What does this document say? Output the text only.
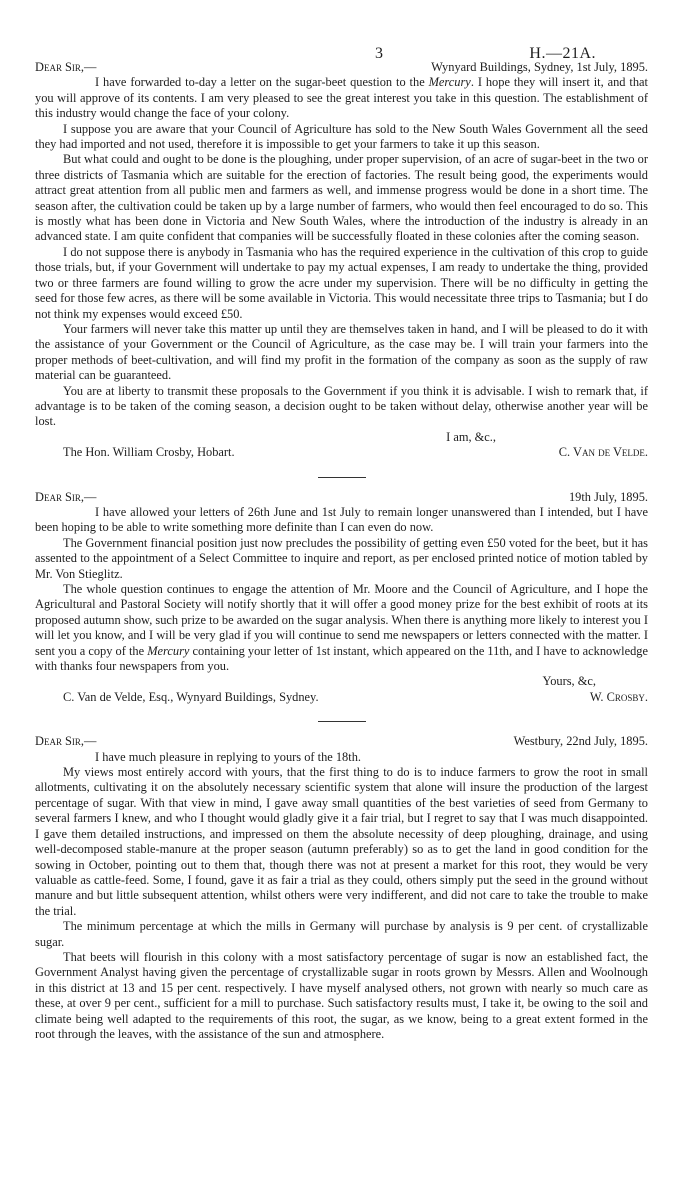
3	H.—21A.
Dear Sir,—	Wynyard Buildings, Sydney, 1st July, 1895.

I have forwarded to-day a letter on the sugar-beet question to the Mercury. I hope they will insert it, and that you will approve of its contents. I am very pleased to see the great interest you take in this question. The establishment of this industry would change the face of your colony.

I suppose you are aware that your Council of Agriculture has sold to the New South Wales Government all the seed they had imported and not used, therefore it is impossible to get your farmers to take it up this season.

But what could and ought to be done is the ploughing, under proper supervision, of an acre of sugar-beet in the two or three districts of Tasmania which are suitable for the erection of factories. The result being good, the experiments would attract great attention from all public men and farmers as well, and immense progress would be done in a short time. The season after, the cultivation could be taken up by a large number of farmers, who would then feel encouraged to do so. This is mostly what has been done in Victoria and New South Wales, where the introduction of the industry is already in an advanced state. I am quite confident that companies will be successfully floated in these colonies after the coming season.

I do not suppose there is anybody in Tasmania who has the required experience in the cultivation of this crop to guide those trials, but, if your Government will undertake to pay my actual expenses, I am ready to undertake the thing, provided two or three farmers are found willing to grow the acre under my supervision. There will be no difficulty in getting the seed for those few acres, as there will be some available in Victoria. This would necessitate three trips to Tasmania; but I do not think my expenses would exceed £50.

Your farmers will never take this matter up until they are themselves taken in hand, and I will be pleased to do it with the assistance of your Government or the Council of Agriculture, as the case may be. I will train your farmers into the proper methods of beet-cultivation, and will find my profit in the formation of the company as soon as the supply of raw material can be guaranteed.

You are at liberty to transmit these proposals to the Government if you think it is advisable. I wish to remark that, if advantage is to be taken of the coming season, a decision ought to be taken without delay, otherwise another year will be lost.

I am, &c.,
The Hon. William Crosby, Hobart.	C. Van de Velde.
Dear Sir,—	19th July, 1895.

I have allowed your letters of 26th June and 1st July to remain longer unanswered than I intended, but I have been hoping to be able to write something more definite than I can even do now.

The Government financial position just now precludes the possibility of getting even £50 voted for the beet, but it has assented to the appointment of a Select Committee to inquire and report, as per enclosed printed notice of motion tabled by Mr. Von Stieglitz.

The whole question continues to engage the attention of Mr. Moore and the Council of Agriculture, and I hope the Agricultural and Pastoral Society will notify shortly that it will offer a good money prize for the best exhibit of roots at its proposed autumn show, such prize to be awarded on the sugar analysis. When there is anything more likely to interest you I will let you know, and I will be very glad if you will continue to send me newspapers or letters connected with the matter. I sent you a copy of the Mercury containing your letter of 1st instant, which appeared on the 11th, and I have to acknowledge with thanks four newspapers from you.

Yours, &c,
C. Van de Velde, Esq., Wynyard Buildings, Sydney.	W. Crosby.
Dear Sir,—	Westbury, 22nd July, 1895.

I have much pleasure in replying to yours of the 18th.

My views most entirely accord with yours, that the first thing to do is to induce farmers to grow the root in small allotments, cultivating it on the absolutely necessary scientific system that alone will insure the production of the largest percentage of sugar. With that view in mind, I gave away small quantities of the best varieties of seed from Germany to several farmers I knew, and who I thought would gladly give it a fair trial, but I regret to say that I was much disappointed. I gave them detailed instructions, and impressed on them the absolute necessity of deep ploughing, drainage, and using well-decomposed stable-manure at the proper season (autumn preferably) so as to get the land in good condition for the sowing in October, pointing out to them that, though there was not at present a market for this root, they would be very valuable as cattle-feed. Some, I found, gave it as fair a trial as they could, others simply put the seed in the ground without manure and but little subsequent attention, whilst others were very indifferent, and did not care to take the trouble to make the trial.

The minimum percentage at which the mills in Germany will purchase by analysis is 9 per cent. of crystallizable sugar.

That beets will flourish in this colony with a most satisfactory percentage of sugar is now an established fact, the Government Analyst having given the percentage of crystallizable sugar in roots grown by Messrs. Allen and Woolnough in this district at 13 and 15 per cent. respectively. I have myself analysed others, not grown with nearly so much care as these, at over 9 per cent., sufficient for a mill to purchase. Such satisfactory results must, I take it, be owing to the soil and climate being well adapted to the requirements of this root, the sugar, as we know, being to a great extent formed in the root through the leaves, with the assistance of the sun and atmosphere.
